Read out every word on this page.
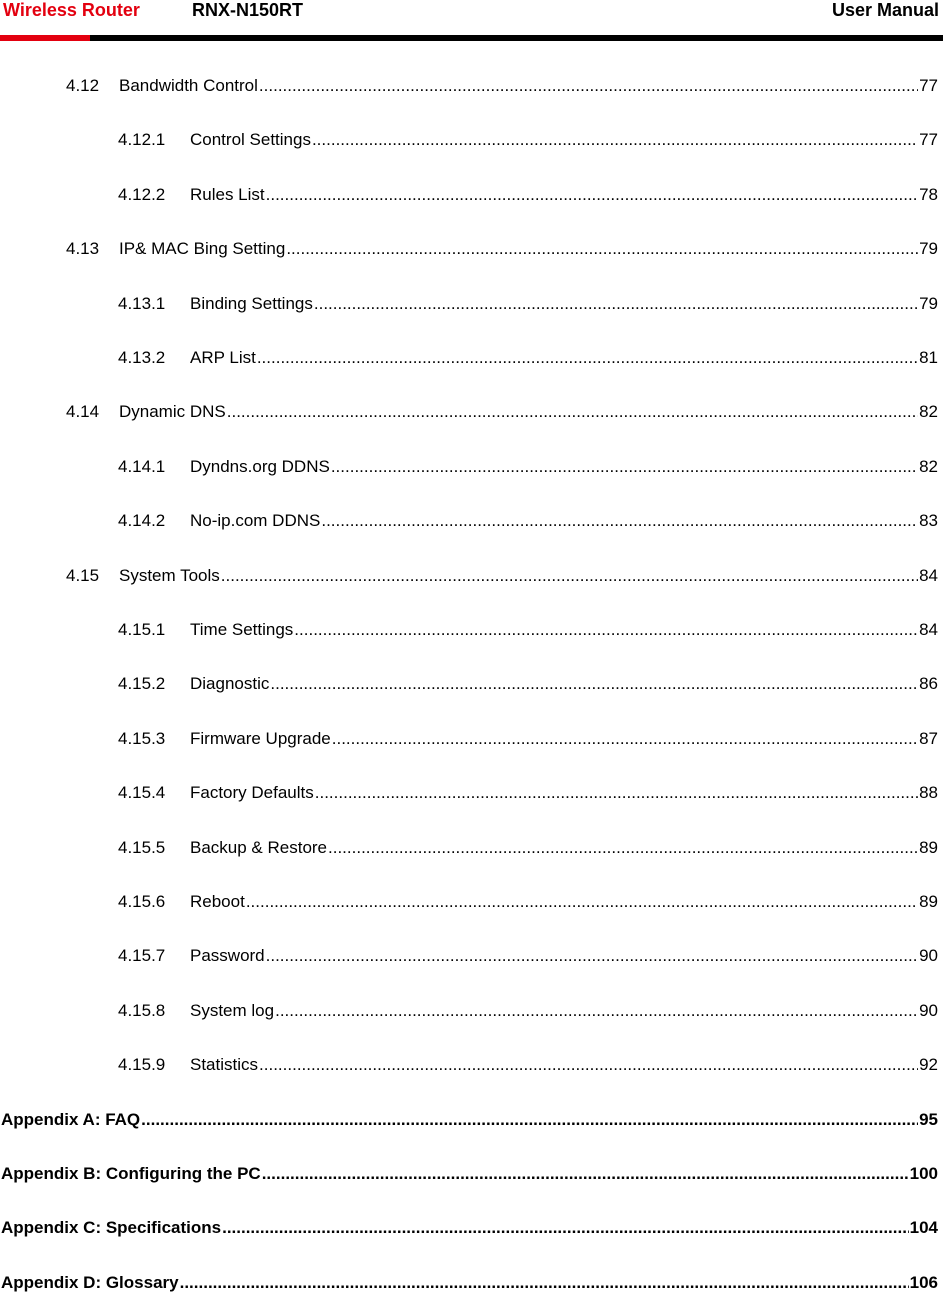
Wireless Router	RNX-N150RT	User Manual
4.12	Bandwidth Control .....	77
4.12.1	Control Settings .....	77
4.12.2	Rules List .....	78
4.13	IP& MAC Bing Setting .....	79
4.13.1	Binding Settings .....	79
4.13.2	ARP List .....	81
4.14	Dynamic DNS .....	82
4.14.1	Dyndns.org DDNS .....	82
4.14.2	No-ip.com DDNS .....	83
4.15	System Tools .....	84
4.15.1	Time Settings .....	84
4.15.2	Diagnostic .....	86
4.15.3	Firmware Upgrade .....	87
4.15.4	Factory Defaults .....	88
4.15.5	Backup & Restore .....	89
4.15.6	Reboot .....	89
4.15.7	Password .....	90
4.15.8	System log .....	90
4.15.9	Statistics .....	92
Appendix A: FAQ .....	95
Appendix B: Configuring the PC .....	100
Appendix C: Specifications .....	104
Appendix D: Glossary .....	106
